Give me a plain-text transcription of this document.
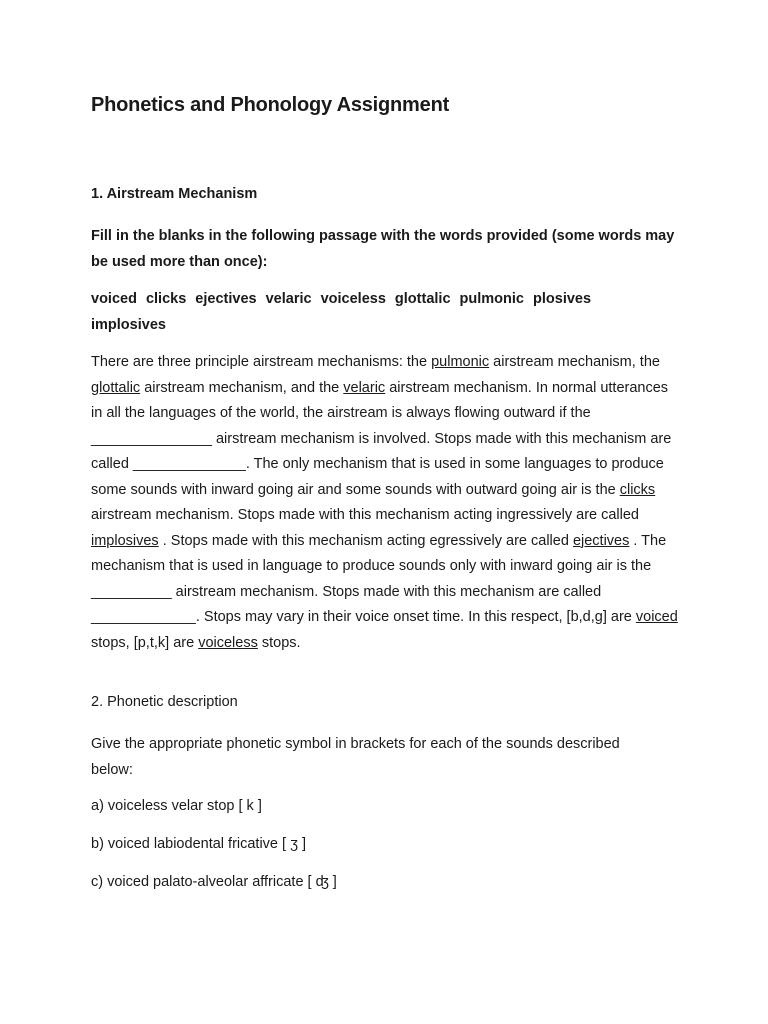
Phonetics and Phonology Assignment
1. Airstream Mechanism

Fill in the blanks in the following passage with the words provided (some words may be used more than once):

voiced clicks ejectives velaric voiceless glottalic pulmonic plosives implosives

There are three principle airstream mechanisms: the pulmonic airstream mechanism, the glottalic airstream mechanism, and the velaric airstream mechanism. In normal utterances in all the languages of the world, the airstream is always flowing outward if the _______________ airstream mechanism is involved. Stops made with this mechanism are called ______________. The only mechanism that is used in some languages to produce some sounds with inward going air and some sounds with outward going air is the clicks airstream mechanism. Stops made with this mechanism acting ingressively are called implosives . Stops made with this mechanism acting egressively are called ejectives . The mechanism that is used in language to produce sounds only with inward going air is the __________ airstream mechanism. Stops made with this mechanism are called _____________. Stops may vary in their voice onset time. In this respect, [b,d,g] are voiced stops, [p,t,k] are voiceless stops.

2. Phonetic description

Give the appropriate phonetic symbol in brackets for each of the sounds described below:

a) voiceless velar stop [ k ]

b) voiced labiodental fricative [ ʒ ]

c) voiced palato-alveolar affricate [ ʤ ]
